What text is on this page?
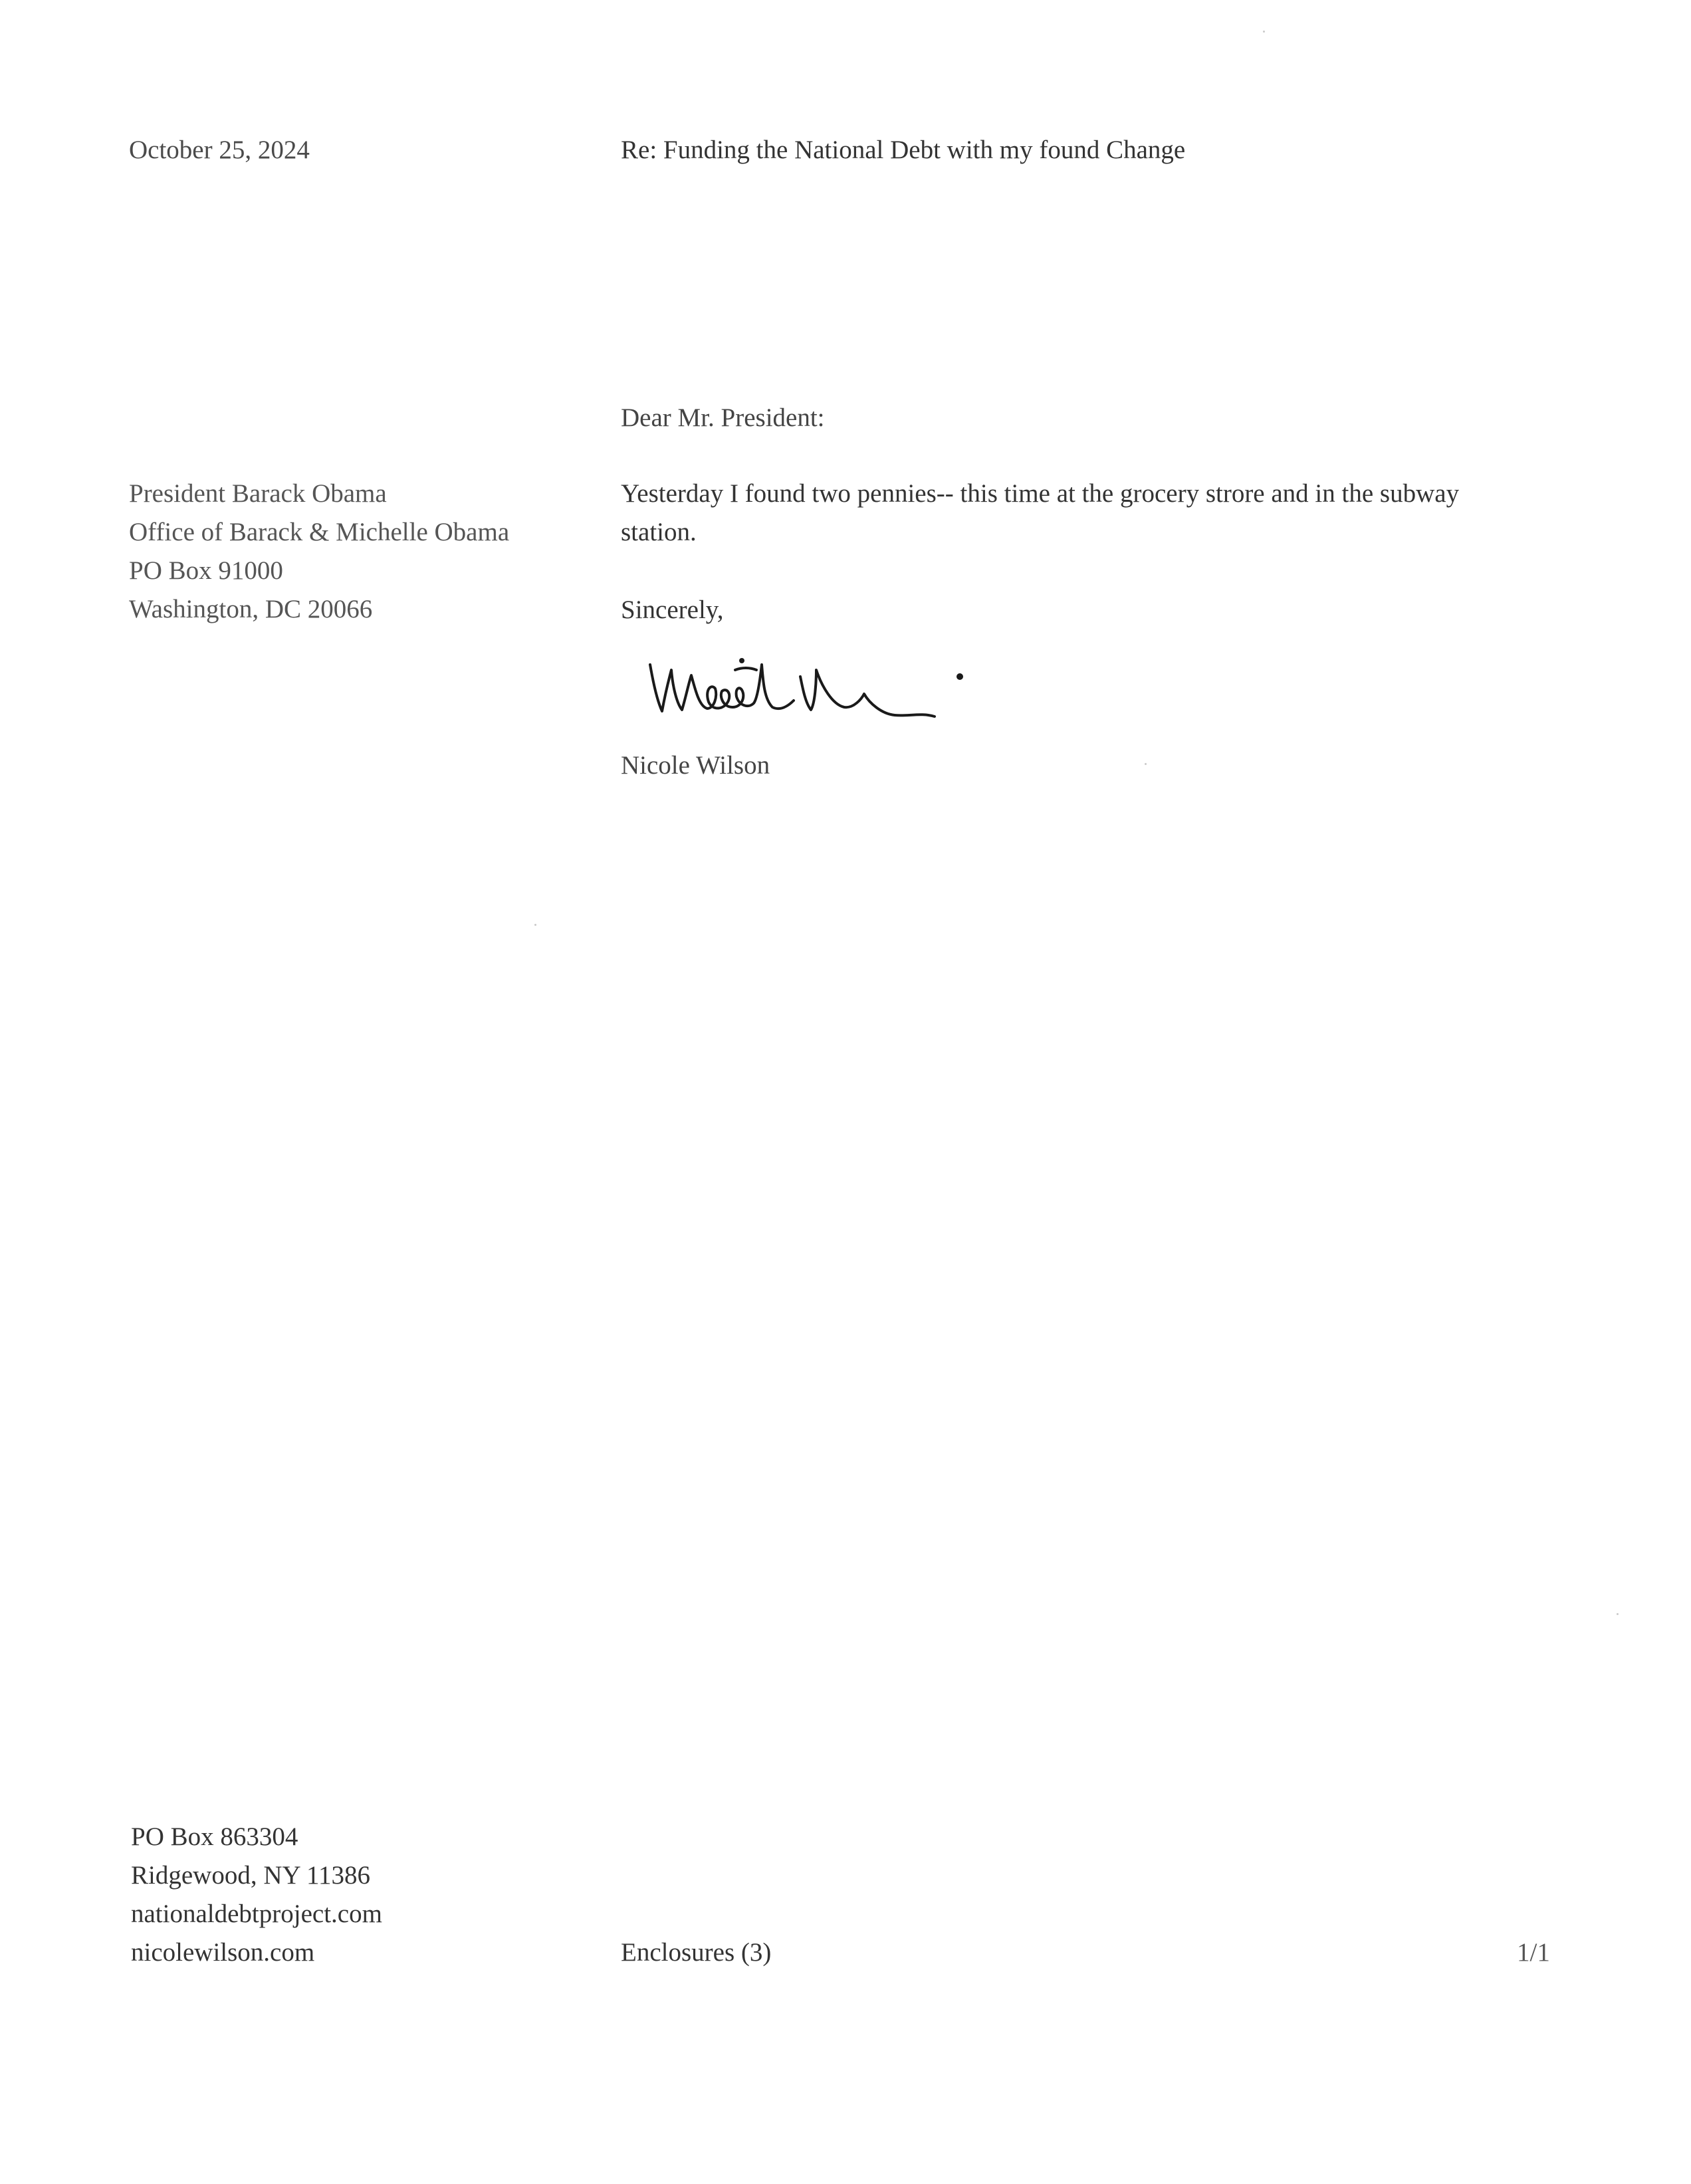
October 25, 2024	Re: Funding the National Debt with my found Change
Dear Mr. President:
President Barack Obama
Office of Barack & Michelle Obama
PO Box 91000
Washington, DC 20066
Yesterday I found two pennies-- this time at the grocery strore and in the subway station.
Sincerely,
Nicole Wilson
PO Box 863304
Ridgewood, NY 11386
nationaldebtproject.com
nicolewilson.com	Enclosures (3)	1/1
